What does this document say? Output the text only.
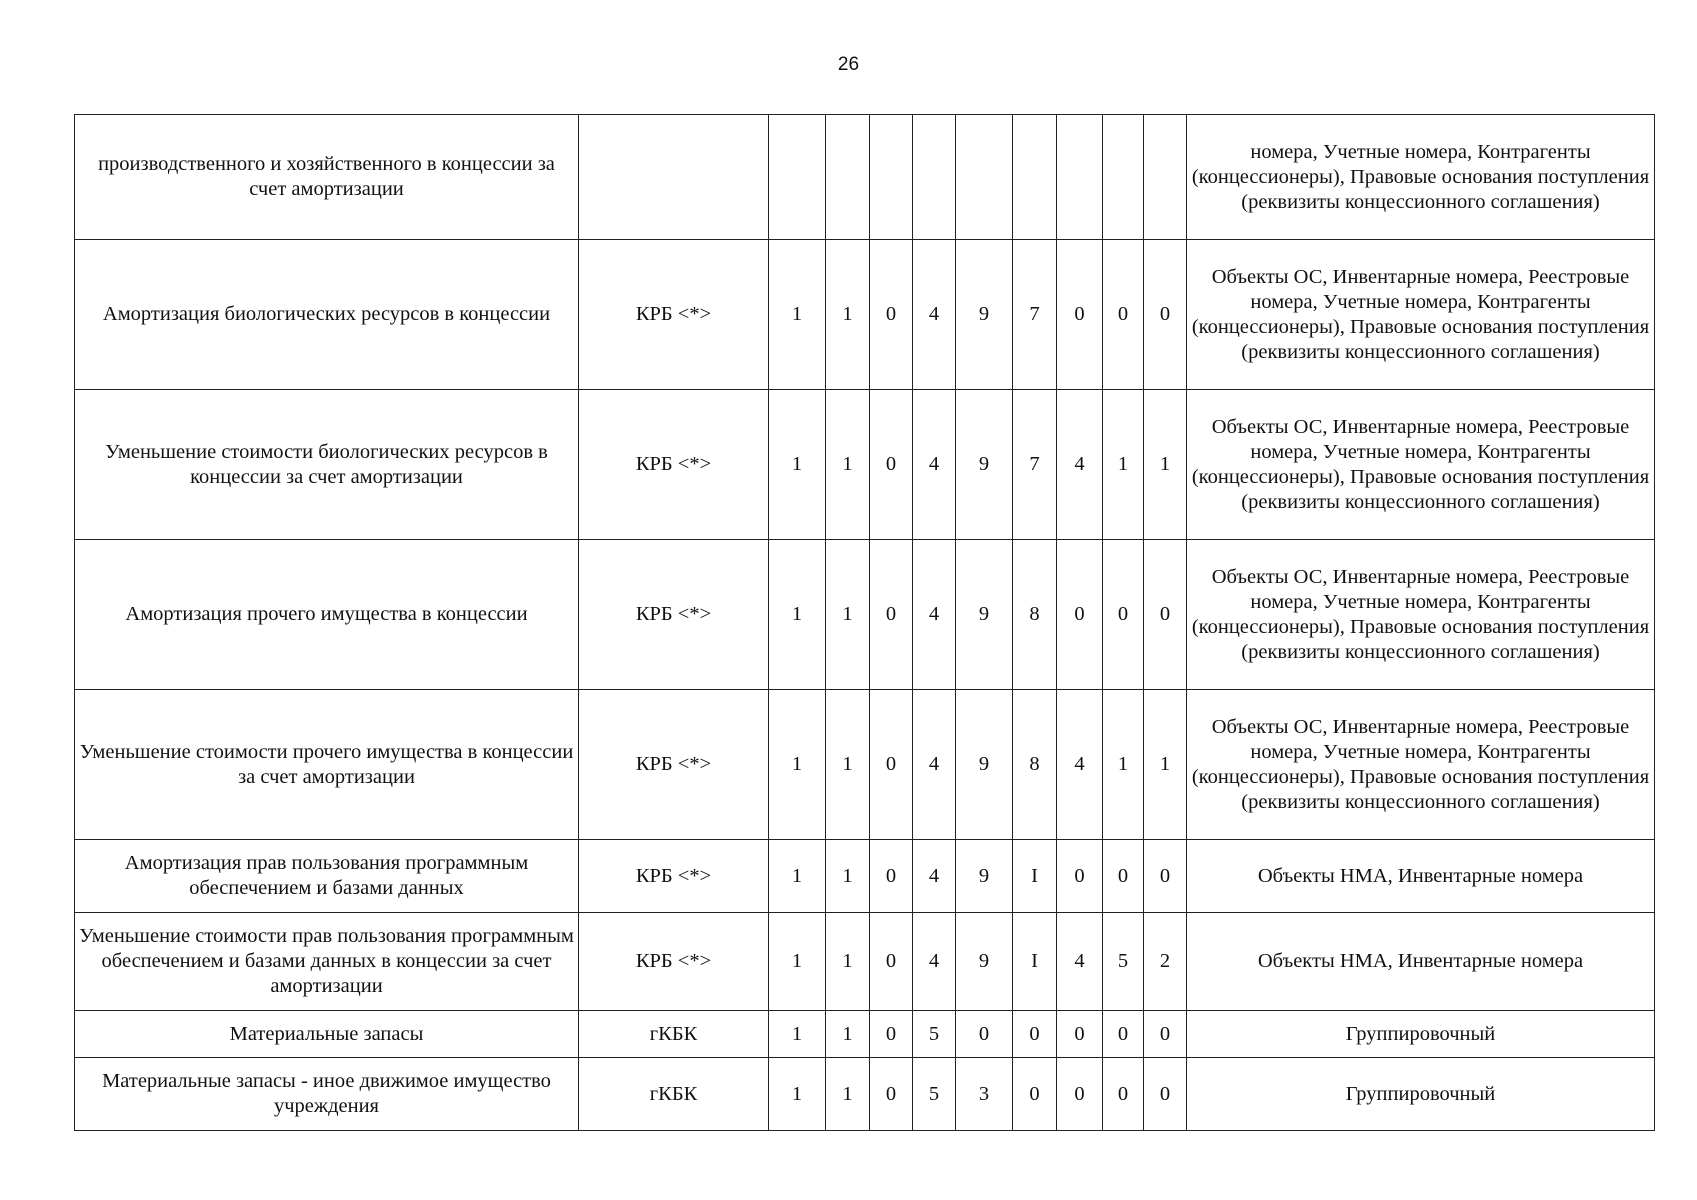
26
производственного и хозяйственного в концессии за счет амортизации											номера, Учетные номера, Контрагенты (концессионеры), Правовые основания поступления (реквизиты концессионного соглашения)
Амортизация биологических ресурсов в концессии	КРБ <*>	1	1	0	4	9	7	0	0	0	Объекты ОС, Инвентарные номера, Реестровые номера, Учетные номера, Контрагенты (концессионеры), Правовые основания поступления (реквизиты концессионного соглашения)
Уменьшение стоимости биологических ресурсов в концессии за счет амортизации	КРБ <*>	1	1	0	4	9	7	4	1	1	Объекты ОС, Инвентарные номера, Реестровые номера, Учетные номера, Контрагенты (концессионеры), Правовые основания поступления (реквизиты концессионного соглашения)
Амортизация прочего имущества в концессии	КРБ <*>	1	1	0	4	9	8	0	0	0	Объекты ОС, Инвентарные номера, Реестровые номера, Учетные номера, Контрагенты (концессионеры), Правовые основания поступления (реквизиты концессионного соглашения)
Уменьшение стоимости прочего имущества в концессии за счет амортизации	КРБ <*>	1	1	0	4	9	8	4	1	1	Объекты ОС, Инвентарные номера, Реестровые номера, Учетные номера, Контрагенты (концессионеры), Правовые основания поступления (реквизиты концессионного соглашения)
Амортизация прав пользования программным обеспечением и базами данных	КРБ <*>	1	1	0	4	9	I	0	0	0	Объекты НМА, Инвентарные номера
Уменьшение стоимости прав пользования программным обеспечением и базами данных в концессии за счет амортизации	КРБ <*>	1	1	0	4	9	I	4	5	2	Объекты НМА, Инвентарные номера
Материальные запасы	гКБК	1	1	0	5	0	0	0	0	0	Группировочный
Материальные запасы - иное движимое имущество учреждения	гКБК	1	1	0	5	3	0	0	0	0	Группировочный
